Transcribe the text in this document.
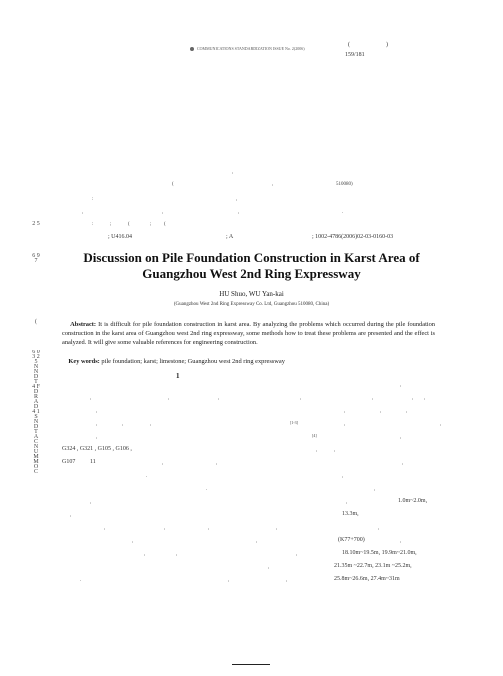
COMMUNICATIONS STANDARDIZATION ISSUE No. 2(2006)
(	)
159/181
,
(	,	510080)
:	,
,	,	,	.
:	;	(	;	(
; U416.04	; A	; 1002-4786(2006)02-03-0160-03
Discussion on Pile Foundation Construction in Karst Area of
Guangzhou West 2nd Ring Expressway
HU Shuo, WU Yan-kai
(Guangzhou West 2nd Ring Expressway Co. Ltd, Guangzhou 510080, China)
Abstract: It is difficult for pile foundation construction in karst area. By analyzing the problems which occurred during the pile foundation construction in the karst area of Guangzhou west 2nd ring expressway, some methods how to treat these problems are presented and the effect is analyzed. It will give some valuable references for engineering construction.
Key words: pile foundation; karst; limestone; Guangzhou west 2nd ring expressway
1
,
,	,	,	,	,	, ,
,	,	,	,
,	,	,	[1-3]	,	,
,	[4]	,
G324 , G321 , G105 , G106 ,	,	,
G107 11	,	,	,
.	,
.	,
,	,	1.0m~2.0m,
,	13.3m,
,	,	,	,	,
,	,	(K77+700)	,
,	,	,	18.10m~19.5m, 19.9m~21.0m,
,	21.35m ~22.7m, 23.1m ~25.2m,
.	,	,	25.8m~26.6m, 27.4m~31m
2 5
6 9 7
(
6 0 3 2 5 N N D T 4 F D R A D 4 1 S N D T A C N U M M O C
